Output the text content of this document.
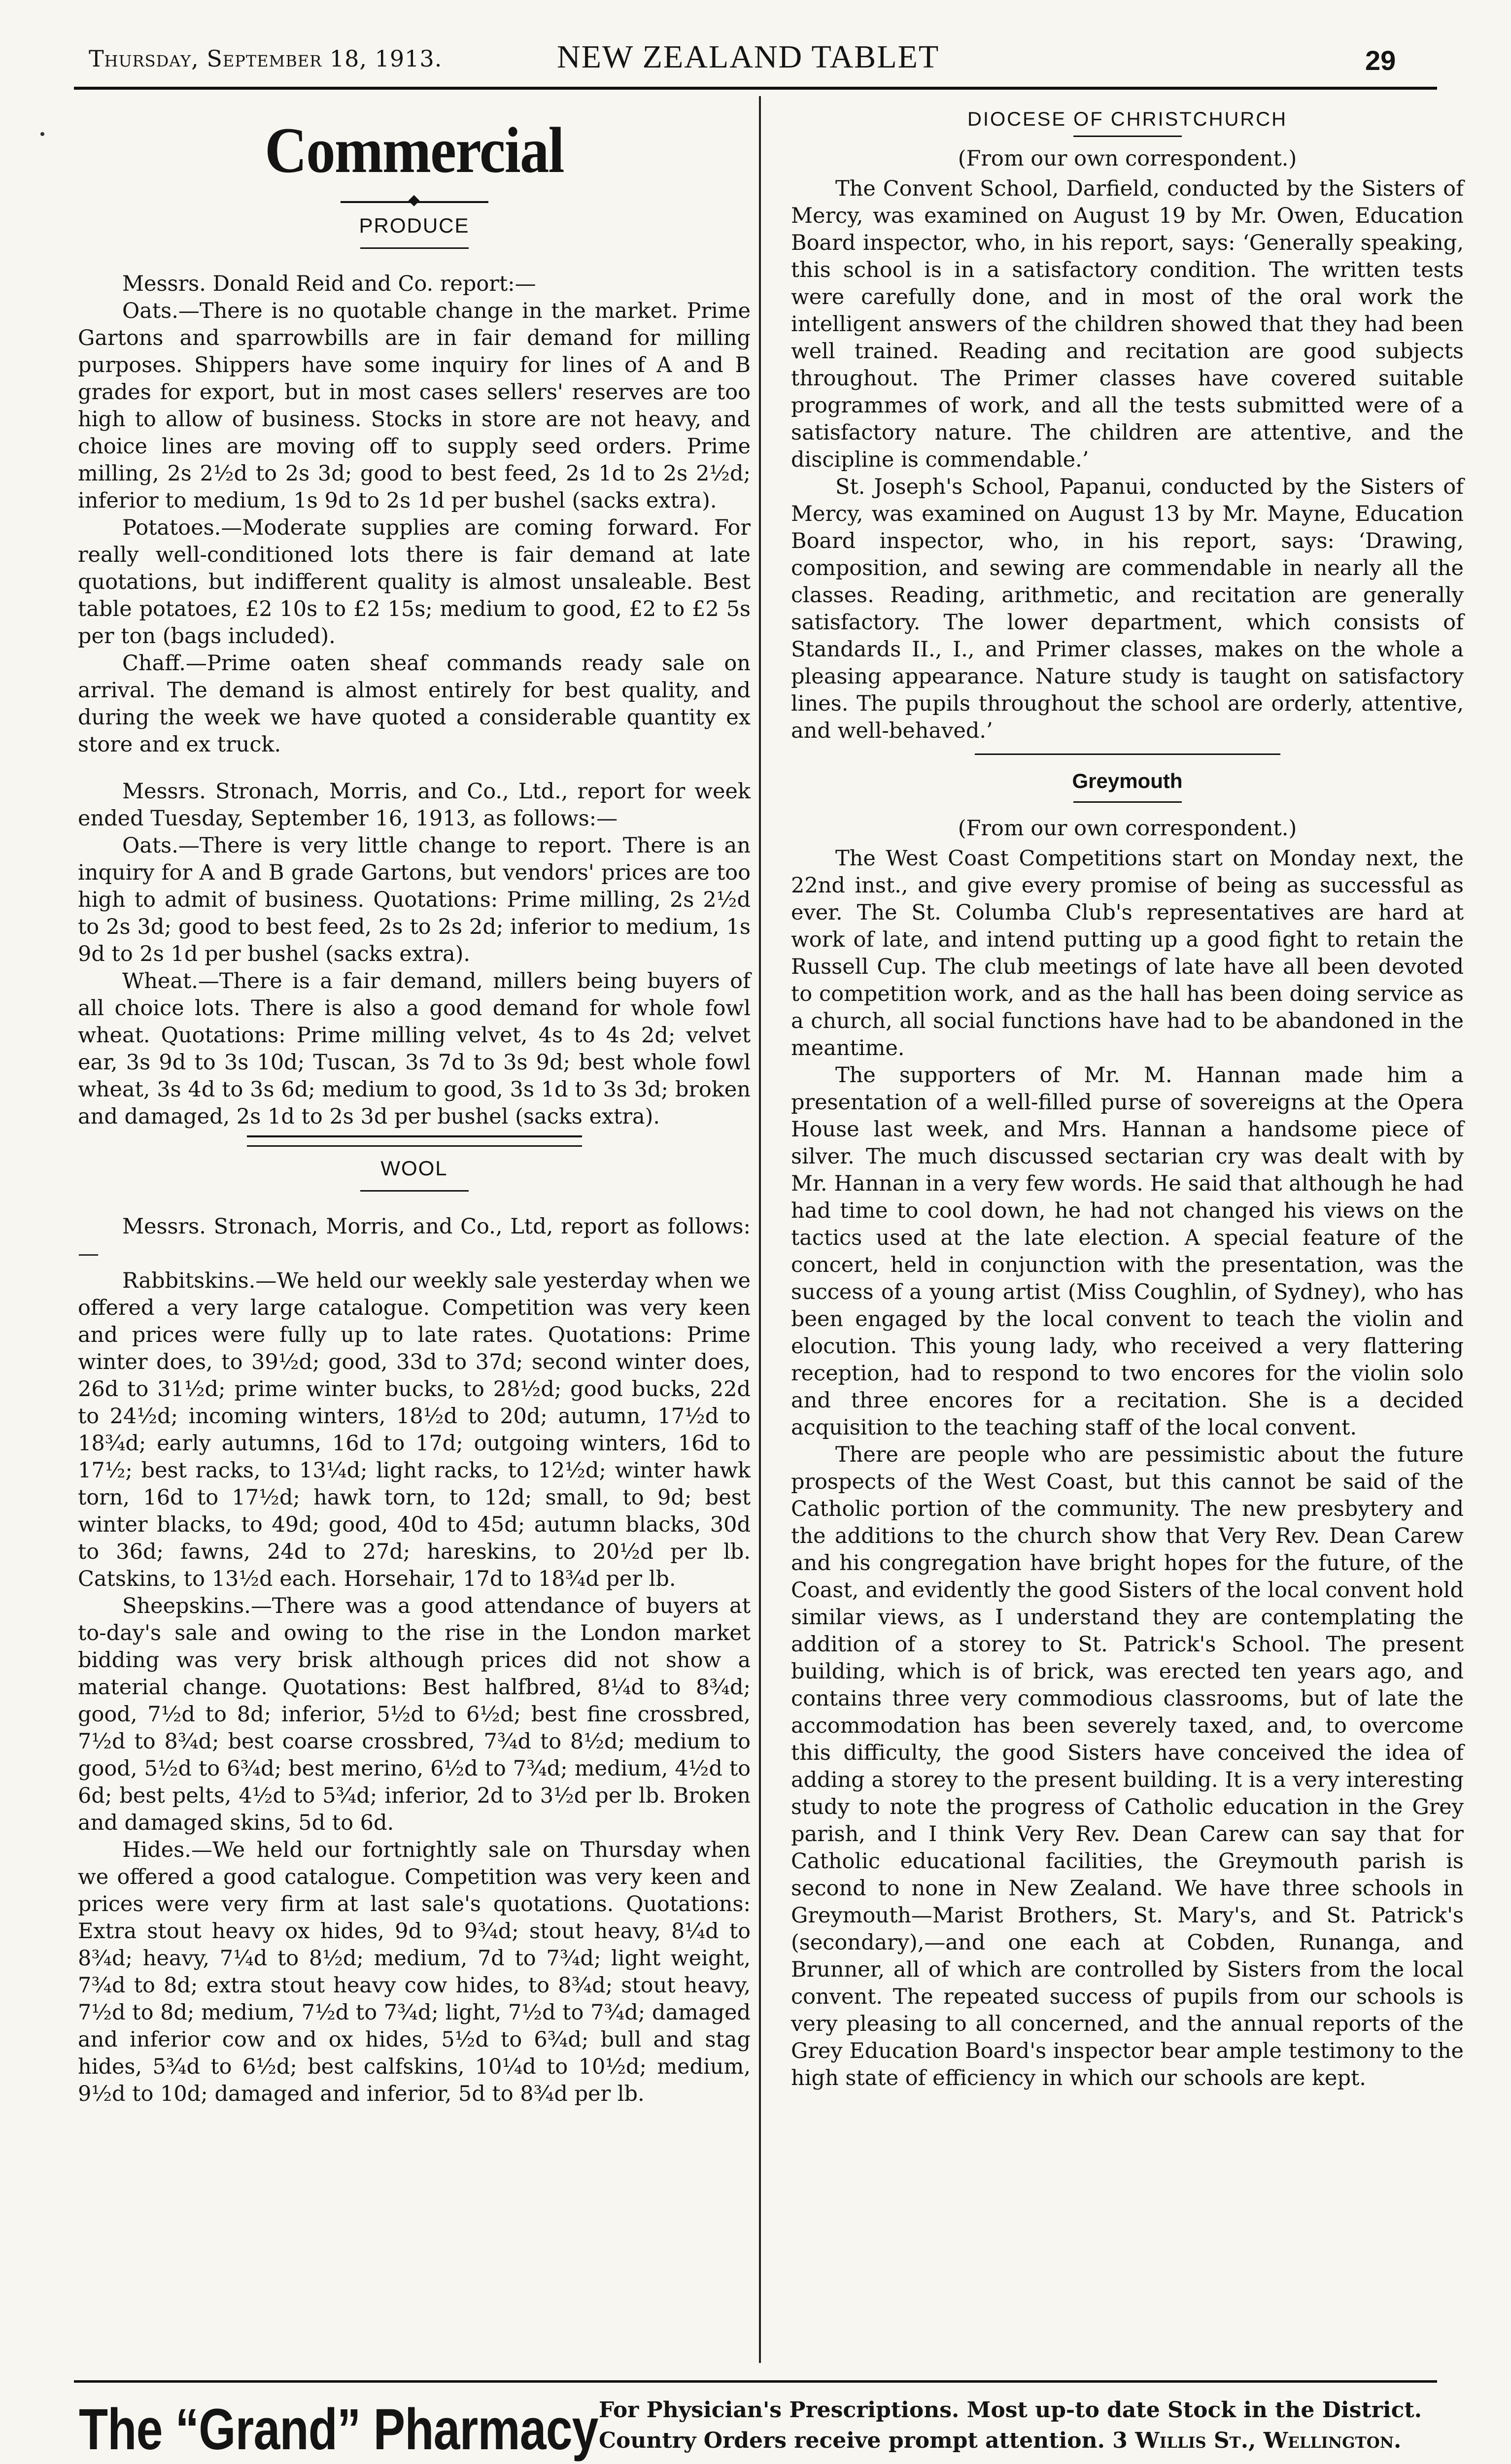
Thursday, September 18, 1913.	NEW ZEALAND TABLET	29
Commercial
◆
PRODUCE

Messrs. Donald Reid and Co. report:—

Oats.—There is no quotable change in the market. Prime Gartons and sparrowbills are in fair demand for milling purposes. Shippers have some inquiry for lines of A and B grades for export, but in most cases sellers' reserves are too high to allow of business. Stocks in store are not heavy, and choice lines are moving off to supply seed orders. Prime milling, 2s 2½d to 2s 3d; good to best feed, 2s 1d to 2s 2½d; inferior to medium, 1s 9d to 2s 1d per bushel (sacks extra).

Potatoes.—Moderate supplies are coming forward. For really well-conditioned lots there is fair demand at late quotations, but indifferent quality is almost unsaleable. Best table potatoes, £2 10s to £2 15s; medium to good, £2 to £2 5s per ton (bags included).

Chaff.—Prime oaten sheaf commands ready sale on arrival. The demand is almost entirely for best quality, and during the week we have quoted a considerable quantity ex store and ex truck.

Messrs. Stronach, Morris, and Co., Ltd., report for week ended Tuesday, September 16, 1913, as follows:—

Oats.—There is very little change to report. There is an inquiry for A and B grade Gartons, but vendors' prices are too high to admit of business. Quotations: Prime milling, 2s 2½d to 2s 3d; good to best feed, 2s to 2s 2d; inferior to medium, 1s 9d to 2s 1d per bushel (sacks extra).

Wheat.—There is a fair demand, millers being buyers of all choice lots. There is also a good demand for whole fowl wheat. Quotations: Prime milling velvet, 4s to 4s 2d; velvet ear, 3s 9d to 3s 10d; Tuscan, 3s 7d to 3s 9d; best whole fowl wheat, 3s 4d to 3s 6d; medium to good, 3s 1d to 3s 3d; broken and damaged, 2s 1d to 2s 3d per bushel (sacks extra).

WOOL

Messrs. Stronach, Morris, and Co., Ltd, report as follows:—

Rabbitskins.—We held our weekly sale yesterday when we offered a very large catalogue. Competition was very keen and prices were fully up to late rates. Quotations: Prime winter does, to 39½d; good, 33d to 37d; second winter does, 26d to 31½d; prime winter bucks, to 28½d; good bucks, 22d to 24½d; incoming winters, 18½d to 20d; autumn, 17½d to 18¾d; early autumns, 16d to 17d; outgoing winters, 16d to 17½; best racks, to 13¼d; light racks, to 12½d; winter hawk torn, 16d to 17½d; hawk torn, to 12d; small, to 9d; best winter blacks, to 49d; good, 40d to 45d; autumn blacks, 30d to 36d; fawns, 24d to 27d; hareskins, to 20½d per lb. Catskins, to 13½d each. Horsehair, 17d to 18¾d per lb.

Sheepskins.—There was a good attendance of buyers at to-day's sale and owing to the rise in the London market bidding was very brisk although prices did not show a material change. Quotations: Best halfbred, 8¼d to 8¾d; good, 7½d to 8d; inferior, 5½d to 6½d; best fine crossbred, 7½d to 8¾d; best coarse crossbred, 7¾d to 8½d; medium to good, 5½d to 6¾d; best merino, 6½d to 7¾d; medium, 4½d to 6d; best pelts, 4½d to 5¾d; inferior, 2d to 3½d per lb. Broken and damaged skins, 5d to 6d.

Hides.—We held our fortnightly sale on Thursday when we offered a good catalogue. Competition was very keen and prices were very firm at last sale's quotations. Quotations: Extra stout heavy ox hides, 9d to 9¾d; stout heavy, 8¼d to 8¾d; heavy, 7¼d to 8½d; medium, 7d to 7¾d; light weight, 7¾d to 8d; extra stout heavy cow hides, to 8¾d; stout heavy, 7½d to 8d; medium, 7½d to 7¾d; light, 7½d to 7¾d; damaged and inferior cow and ox hides, 5½d to 6¾d; bull and stag hides, 5¾d to 6½d; best calfskins, 10¼d to 10½d; medium, 9½d to 10d; damaged and inferior, 5d to 8¾d per lb.

DIOCESE OF CHRISTCHURCH
(From our own correspondent.)

The Convent School, Darfield, conducted by the Sisters of Mercy, was examined on August 19 by Mr. Owen, Education Board inspector, who, in his report, says: ‘Generally speaking, this school is in a satisfactory condition. The written tests were carefully done, and in most of the oral work the intelligent answers of the children showed that they had been well trained. Reading and recitation are good subjects throughout. The Primer classes have covered suitable programmes of work, and all the tests submitted were of a satisfactory nature. The children are attentive, and the discipline is commendable.’

St. Joseph's School, Papanui, conducted by the Sisters of Mercy, was examined on August 13 by Mr. Mayne, Education Board inspector, who, in his report, says: ‘Drawing, composition, and sewing are commendable in nearly all the classes. Reading, arithmetic, and recitation are generally satisfactory. The lower department, which consists of Standards II., I., and Primer classes, makes on the whole a pleasing appearance. Nature study is taught on satisfactory lines. The pupils throughout the school are orderly, attentive, and well-behaved.’

Greymouth
(From our own correspondent.)

The West Coast Competitions start on Monday next, the 22nd inst., and give every promise of being as successful as ever. The St. Columba Club's representatives are hard at work of late, and intend putting up a good fight to retain the Russell Cup. The club meetings of late have all been devoted to competition work, and as the hall has been doing service as a church, all social functions have had to be abandoned in the meantime.

The supporters of Mr. M. Hannan made him a presentation of a well-filled purse of sovereigns at the Opera House last week, and Mrs. Hannan a handsome piece of silver. The much discussed sectarian cry was dealt with by Mr. Hannan in a very few words. He said that although he had had time to cool down, he had not changed his views on the tactics used at the late election. A special feature of the concert, held in conjunction with the presentation, was the success of a young artist (Miss Coughlin, of Sydney), who has been engaged by the local convent to teach the violin and elocution. This young lady, who received a very flattering reception, had to respond to two encores for the violin solo and three encores for a recitation. She is a decided acquisition to the teaching staff of the local convent.

There are people who are pessimistic about the future prospects of the West Coast, but this cannot be said of the Catholic portion of the community. The new presbytery and the additions to the church show that Very Rev. Dean Carew and his congregation have bright hopes for the future, of the Coast, and evidently the good Sisters of the local convent hold similar views, as I understand they are contemplating the addition of a storey to St. Patrick's School. The present building, which is of brick, was erected ten years ago, and contains three very commodious classrooms, but of late the accommodation has been severely taxed, and, to overcome this difficulty, the good Sisters have conceived the idea of adding a storey to the present building. It is a very interesting study to note the progress of Catholic education in the Grey parish, and I think Very Rev. Dean Carew can say that for Catholic educational facilities, the Greymouth parish is second to none in New Zealand. We have three schools in Greymouth—Marist Brothers, St. Mary's, and St. Patrick's (secondary),—and one each at Cobden, Runanga, and Brunner, all of which are controlled by Sisters from the local convent. The repeated success of pupils from our schools is very pleasing to all concerned, and the annual reports of the Grey Education Board's inspector bear ample testimony to the high state of efficiency in which our schools are kept.

The “Grand” Pharmacy For Physician's Prescriptions. Most up-to date Stock in the District.
Country Orders receive prompt attention. 3 Willis St., Wellington.
